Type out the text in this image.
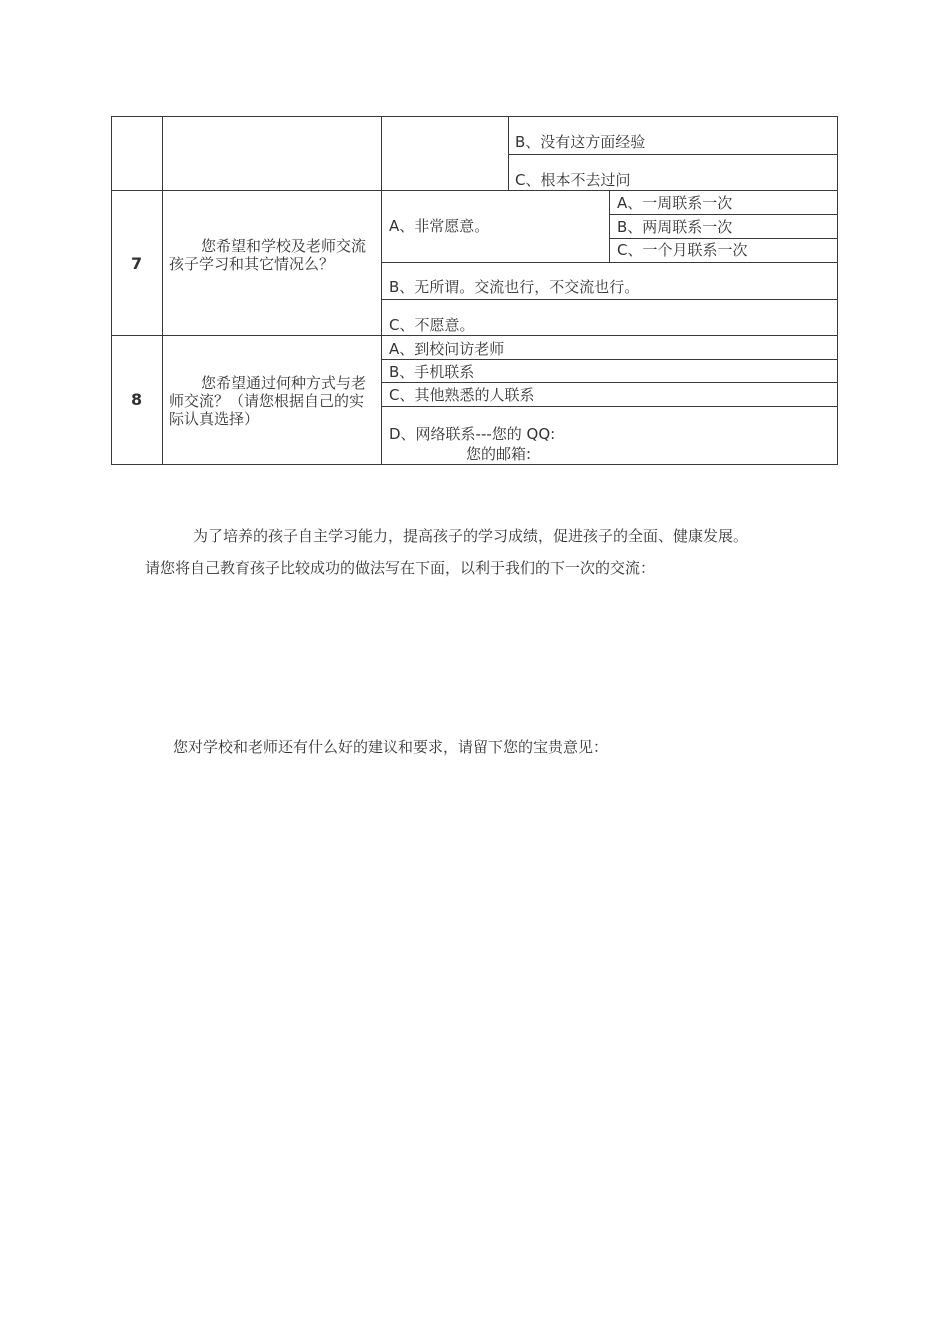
B、没有这方面经验
C、根本不去过问
7
您希望和学校及老师交流孩子学习和其它情况么？
A、非常愿意。
A、一周联系一次
B、两周联系一次
C、一个月联系一次
B、无所谓。交流也行，不交流也行。
C、不愿意。
8
您希望通过何种方式与老师交流？（请您根据自己的实际认真选择）
A、到校问访老师
B、手机联系
C、其他熟悉的人联系
D、网络联系---您的 QQ:
您的邮箱:
为了培养的孩子自主学习能力，提高孩子的学习成绩，促进孩子的全面、健康发展。
请您将自己教育孩子比较成功的做法写在下面，以利于我们的下一次的交流：
您对学校和老师还有什么好的建议和要求，请留下您的宝贵意见：
